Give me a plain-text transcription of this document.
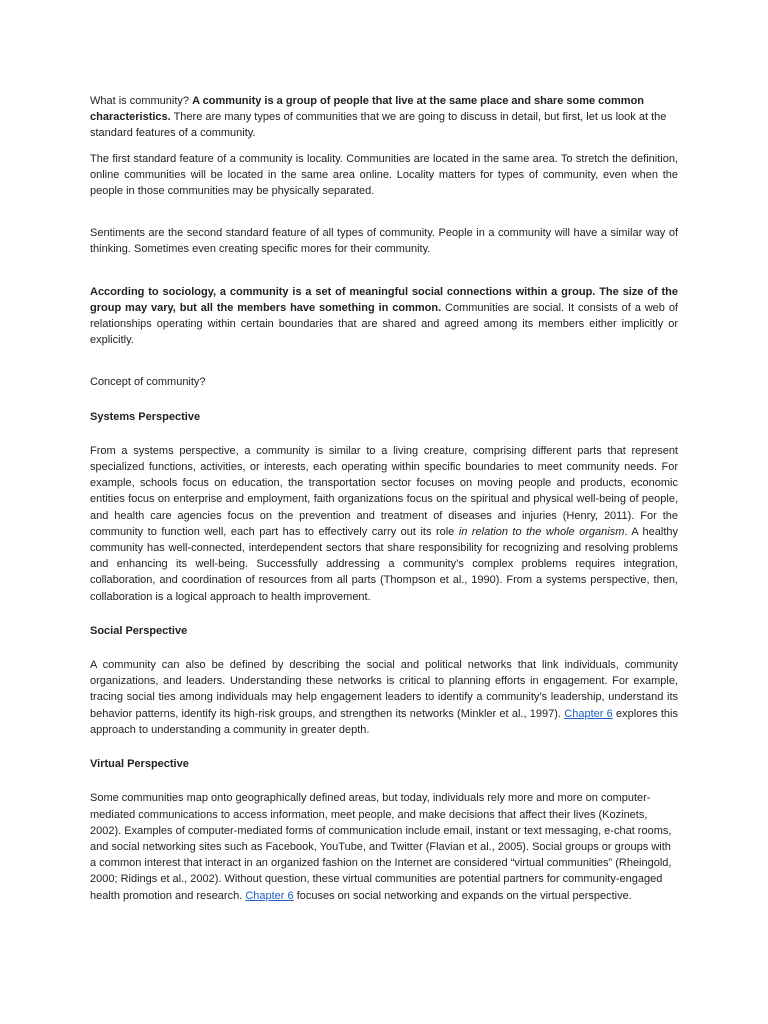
What is community? A community is a group of people that live at the same place and share some common characteristics. There are many types of communities that we are going to discuss in detail, but first, let us look at the standard features of a community.

The first standard feature of a community is locality. Communities are located in the same area. To stretch the definition, online communities will be located in the same area online. Locality matters for types of community, even when the people in those communities may be physically separated.

Sentiments are the second standard feature of all types of community. People in a community will have a similar way of thinking. Sometimes even creating specific mores for their community.

According to sociology, a community is a set of meaningful social connections within a group. The size of the group may vary, but all the members have something in common. Communities are social. It consists of a web of relationships operating within certain boundaries that are shared and agreed among its members either implicitly or explicitly.

Concept of community?

Systems Perspective

From a systems perspective, a community is similar to a living creature, comprising different parts that represent specialized functions, activities, or interests, each operating within specific boundaries to meet community needs. For example, schools focus on education, the transportation sector focuses on moving people and products, economic entities focus on enterprise and employment, faith organizations focus on the spiritual and physical well-being of people, and health care agencies focus on the prevention and treatment of diseases and injuries (Henry, 2011). For the community to function well, each part has to effectively carry out its role in relation to the whole organism. A healthy community has well-connected, interdependent sectors that share responsibility for recognizing and resolving problems and enhancing its well-being. Successfully addressing a community’s complex problems requires integration, collaboration, and coordination of resources from all parts (Thompson et al., 1990). From a systems perspective, then, collaboration is a logical approach to health improvement.

Social Perspective

A community can also be defined by describing the social and political networks that link individuals, community organizations, and leaders. Understanding these networks is critical to planning efforts in engagement. For example, tracing social ties among individuals may help engagement leaders to identify a community’s leadership, understand its behavior patterns, identify its high-risk groups, and strengthen its networks (Minkler et al., 1997). Chapter 6 explores this approach to understanding a community in greater depth.

Virtual Perspective

Some communities map onto geographically defined areas, but today, individuals rely more and more on computer-mediated communications to access information, meet people, and make decisions that affect their lives (Kozinets, 2002). Examples of computer-mediated forms of communication include email, instant or text messaging, e-chat rooms, and social networking sites such as Facebook, YouTube, and Twitter (Flavian et al., 2005). Social groups or groups with a common interest that interact in an organized fashion on the Internet are considered “virtual communities” (Rheingold, 2000; Ridings et al., 2002). Without question, these virtual communities are potential partners for community-engaged health promotion and research. Chapter 6 focuses on social networking and expands on the virtual perspective.
